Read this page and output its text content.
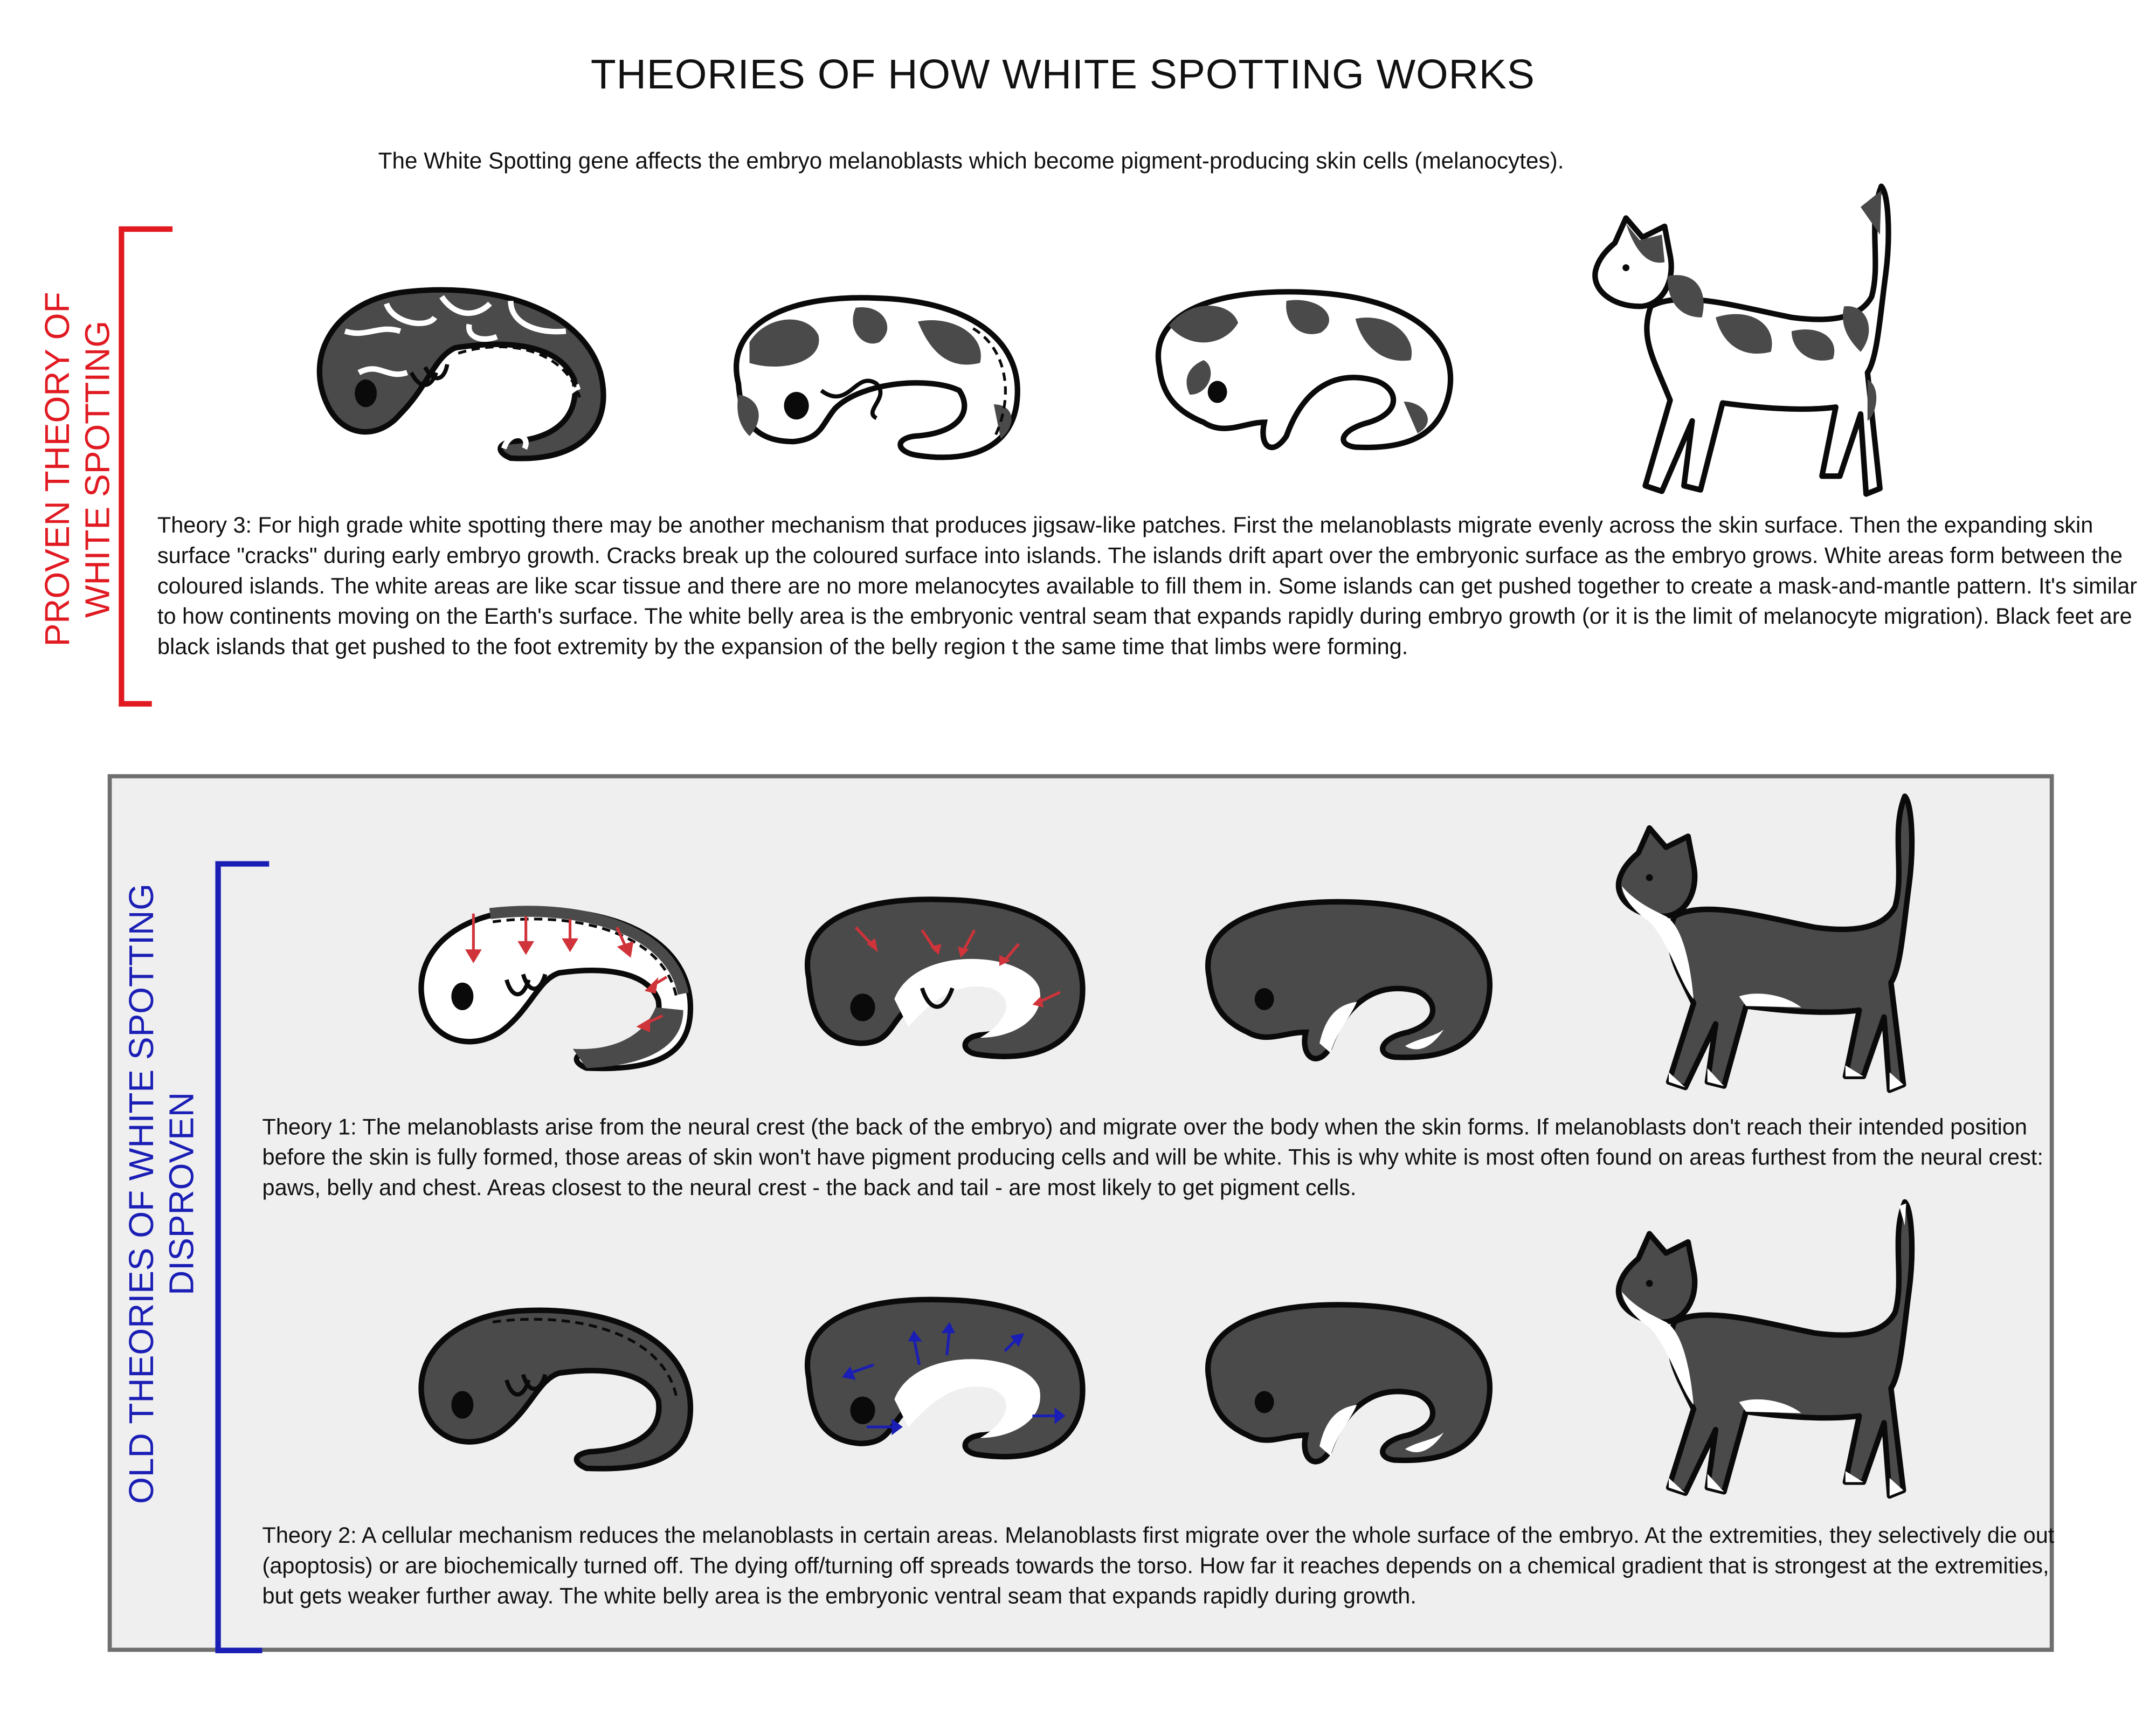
THEORIES OF HOW WHITE SPOTTING WORKS
The White Spotting gene affects the embryo melanoblasts which become pigment-producing skin cells (melanocytes).
PROVEN THEORY OF WHITE SPOTTING	Theory 3: For high grade white spotting there may be another mechanism that produces jigsaw-like patches. First the melanoblasts migrate evenly across the skin surface. Then the expanding skin surface "cracks" during early embryo growth. Cracks break up the coloured surface into islands. The islands drift apart over the embryonic surface as the embryo grows. White areas form between the coloured islands. The white areas are like scar tissue and there are no more melanocytes available to fill them in. Some islands can get pushed together to create a mask-and-mantle pattern. It's similar to how continents moving on the Earth's surface. The white belly area is the embryonic ventral seam that expands rapidly during embryo growth (or it is the limit of melanocyte migration). Black feet are black islands that get pushed to the foot extremity by the expansion of the belly region t the same time that limbs were forming.
OLD THEORIES OF WHITE SPOTTING DISPROVEN	Theory 1: The melanoblasts arise from the neural crest (the back of the embryo) and migrate over the body when the skin forms. If melanoblasts don't reach their intended position before the skin is fully formed, those areas of skin won't have pigment producing cells and will be white. This is why white is most often found on areas furthest from the neural crest: paws, belly and chest. Areas closest to the neural crest - the back and tail - are most likely to get pigment cells.
Theory 2: A cellular mechanism reduces the melanoblasts in certain areas. Melanoblasts first migrate over the whole surface of the embryo. At the extremities, they selectively die out (apoptosis) or are biochemically turned off. The dying off/turning off spreads towards the torso. How far it reaches depends on a chemical gradient that is strongest at the extremities, but gets weaker further away. The white belly area is the embryonic ventral seam that expands rapidly during growth.
